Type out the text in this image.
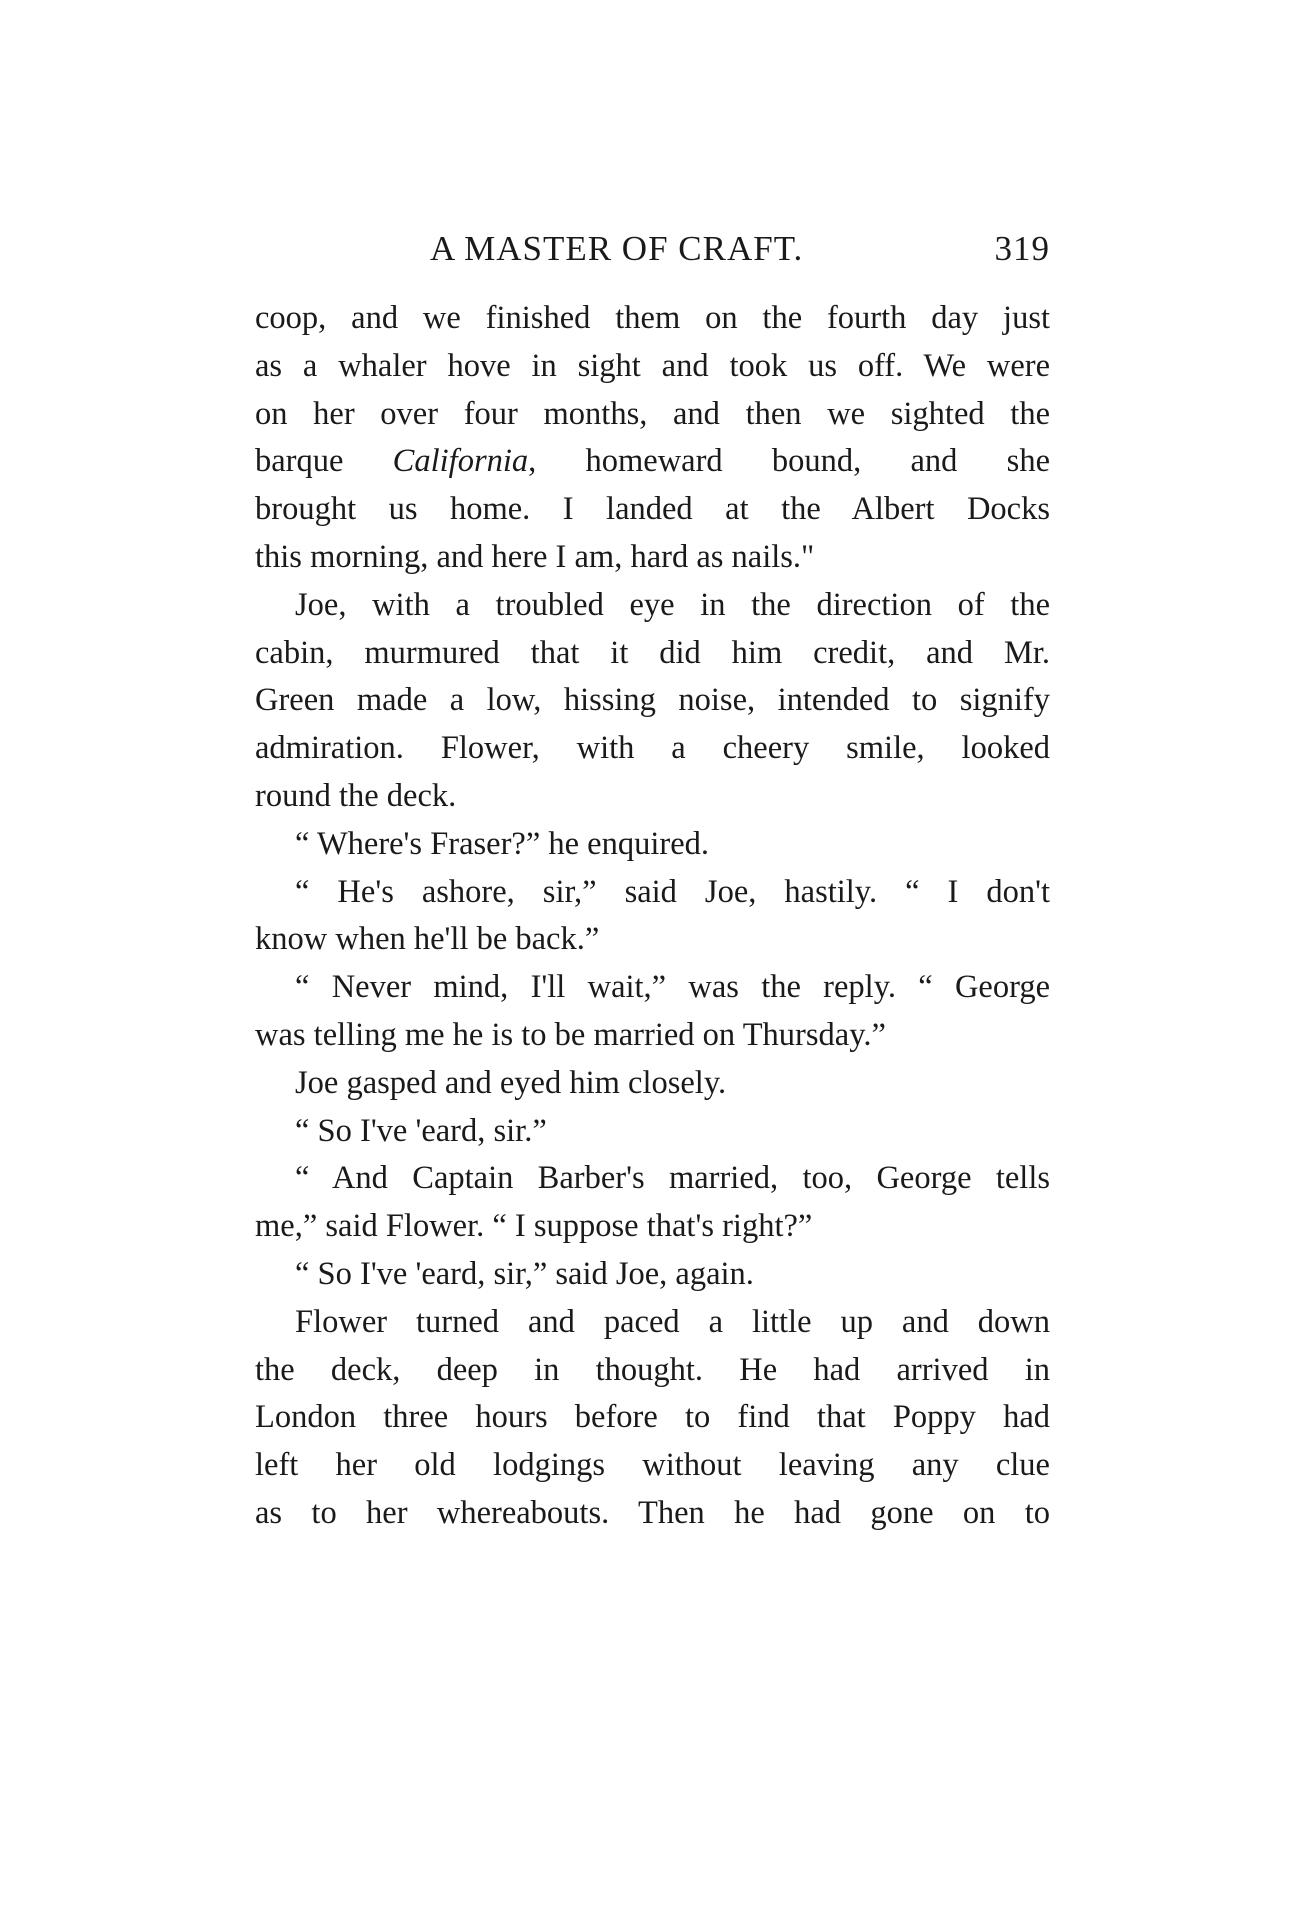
A MASTER OF CRAFT.	319
coop, and we finished them on the fourth day just
as a whaler hove in sight and took us off. We were
on her over four months, and then we sighted the
barque California, homeward bound, and she
brought us home. I landed at the Albert Docks
this morning, and here I am, hard as nails."
Joe, with a troubled eye in the direction of the
cabin, murmured that it did him credit, and Mr.
Green made a low, hissing noise, intended to signify
admiration. Flower, with a cheery smile, looked
round the deck.
“ Where's Fraser?” he enquired.
“ He's ashore, sir,” said Joe, hastily. “ I don't
know when he'll be back.”
“ Never mind, I'll wait,” was the reply. “ George
was telling me he is to be married on Thursday.”
Joe gasped and eyed him closely.
“ So I've 'eard, sir.”
“ And Captain Barber's married, too, George tells
me,” said Flower. “ I suppose that's right?”
“ So I've 'eard, sir,” said Joe, again.
Flower turned and paced a little up and down
the deck, deep in thought. He had arrived in
London three hours before to find that Poppy had
left her old lodgings without leaving any clue
as to her whereabouts. Then he had gone on to
